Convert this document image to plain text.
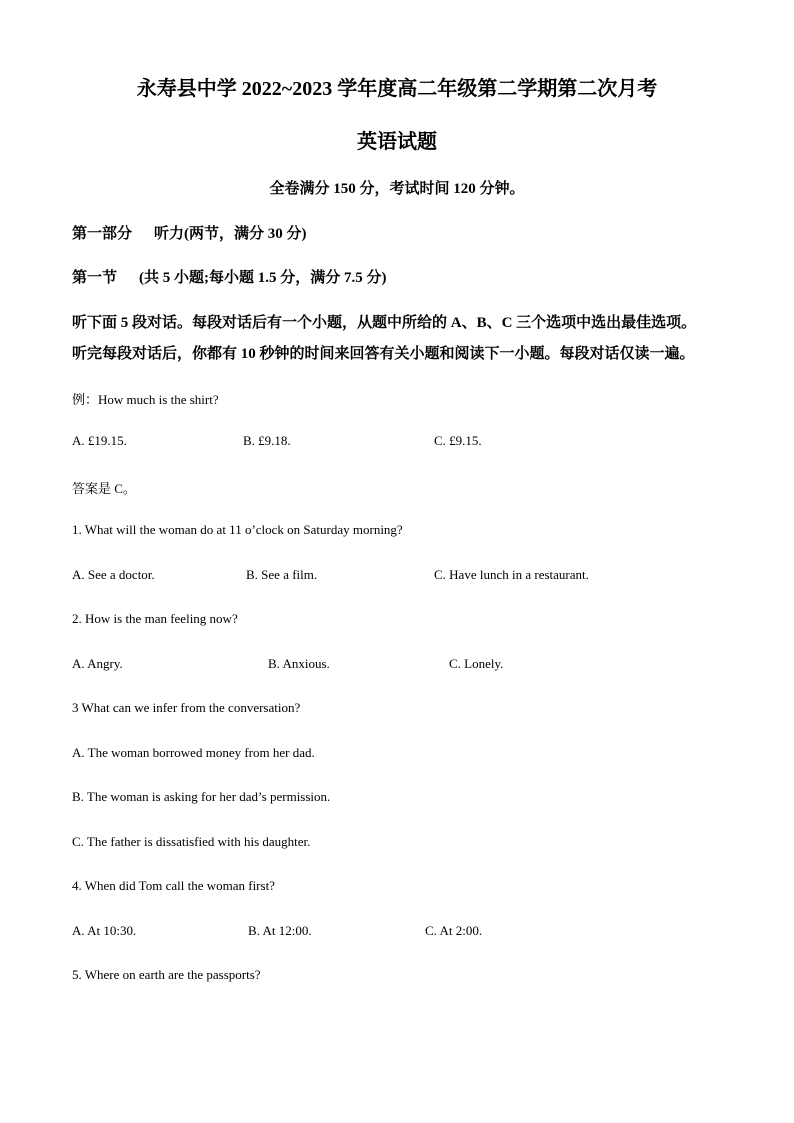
永寿县中学 2022~2023 学年度高二年级第二学期第二次月考
英语试题
全卷满分 150 分，考试时间 120 分钟。
第一部分 听力(两节，满分 30 分)
第一节 (共 5 小题;每小题 1.5 分，满分 7.5 分)
听下面 5 段对话。每段对话后有一个小题，从题中所给的 A、B、C 三个选项中选出最佳选项。
听完每段对话后，你都有 10 秒钟的时间来回答有关小题和阅读下一小题。每段对话仅读一遍。
例：How much is the shirt?
A. £19.15.	B. £9.18.	C. £9.15.
答案是 C。
1. What will the woman do at 11 o’clock on Saturday morning?
A. See a doctor.	B. See a film.	C. Have lunch in a restaurant.
2. How is the man feeling now?
A. Angry.	B. Anxious.	C. Lonely.
3 What can we infer from the conversation?
A. The woman borrowed money from her dad.
B. The woman is asking for her dad’s permission.
C. The father is dissatisfied with his daughter.
4. When did Tom call the woman first?
A. At 10:30.	B. At 12:00.	C. At 2:00.
5. Where on earth are the passports?
